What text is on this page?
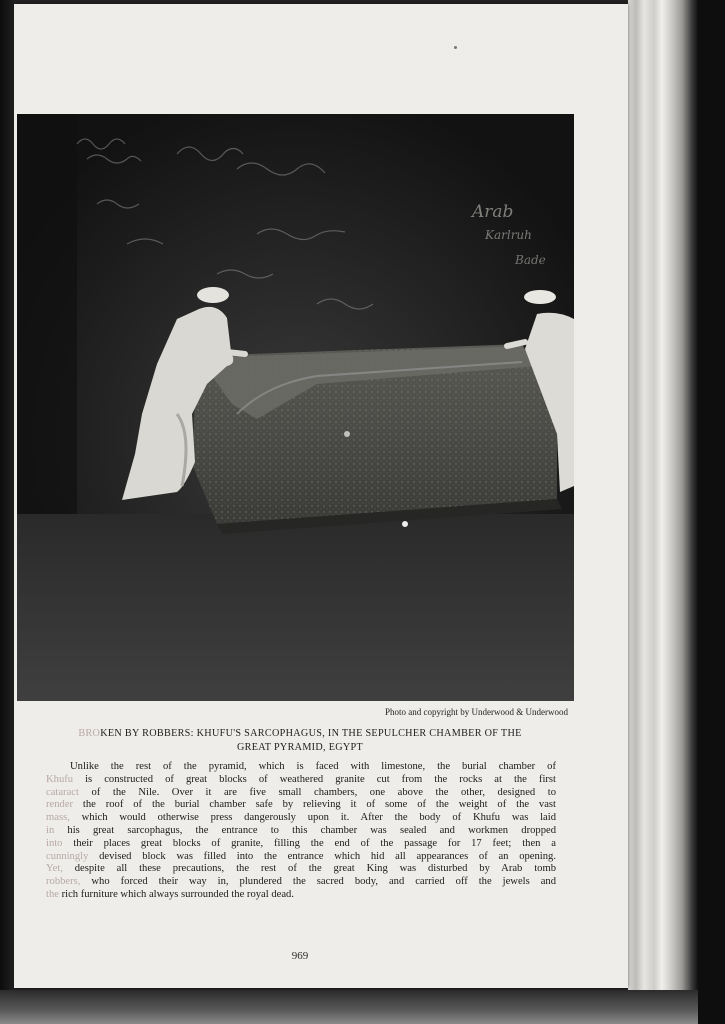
Arab
Karlruh
Bade
Photo and copyright by Underwood & Underwood
BROKEN BY ROBBERS: KHUFU'S SARCOPHAGUS, IN THE SEPULCHER CHAMBER OF THE
GREAT PYRAMID, EGYPT
Unlike the rest of the pyramid, which is faced with limestone, the burial chamber of
Khufu is constructed of great blocks of weathered granite cut from the rocks at the first
cataract of the Nile. Over it are five small chambers, one above the other, designed to
render the roof of the burial chamber safe by relieving it of some of the weight of the vast
mass, which would otherwise press dangerously upon it. After the body of Khufu was laid
in his great sarcophagus, the entrance to this chamber was sealed and workmen dropped
into their places great blocks of granite, filling the end of the passage for 17 feet; then a
cunningly devised block was filled into the entrance which hid all appearances of an opening.
Yet, despite all these precautions, the rest of the great King was disturbed by Arab tomb
robbers, who forced their way in, plundered the sacred body, and carried off the jewels and
the rich furniture which always surrounded the royal dead.
969
